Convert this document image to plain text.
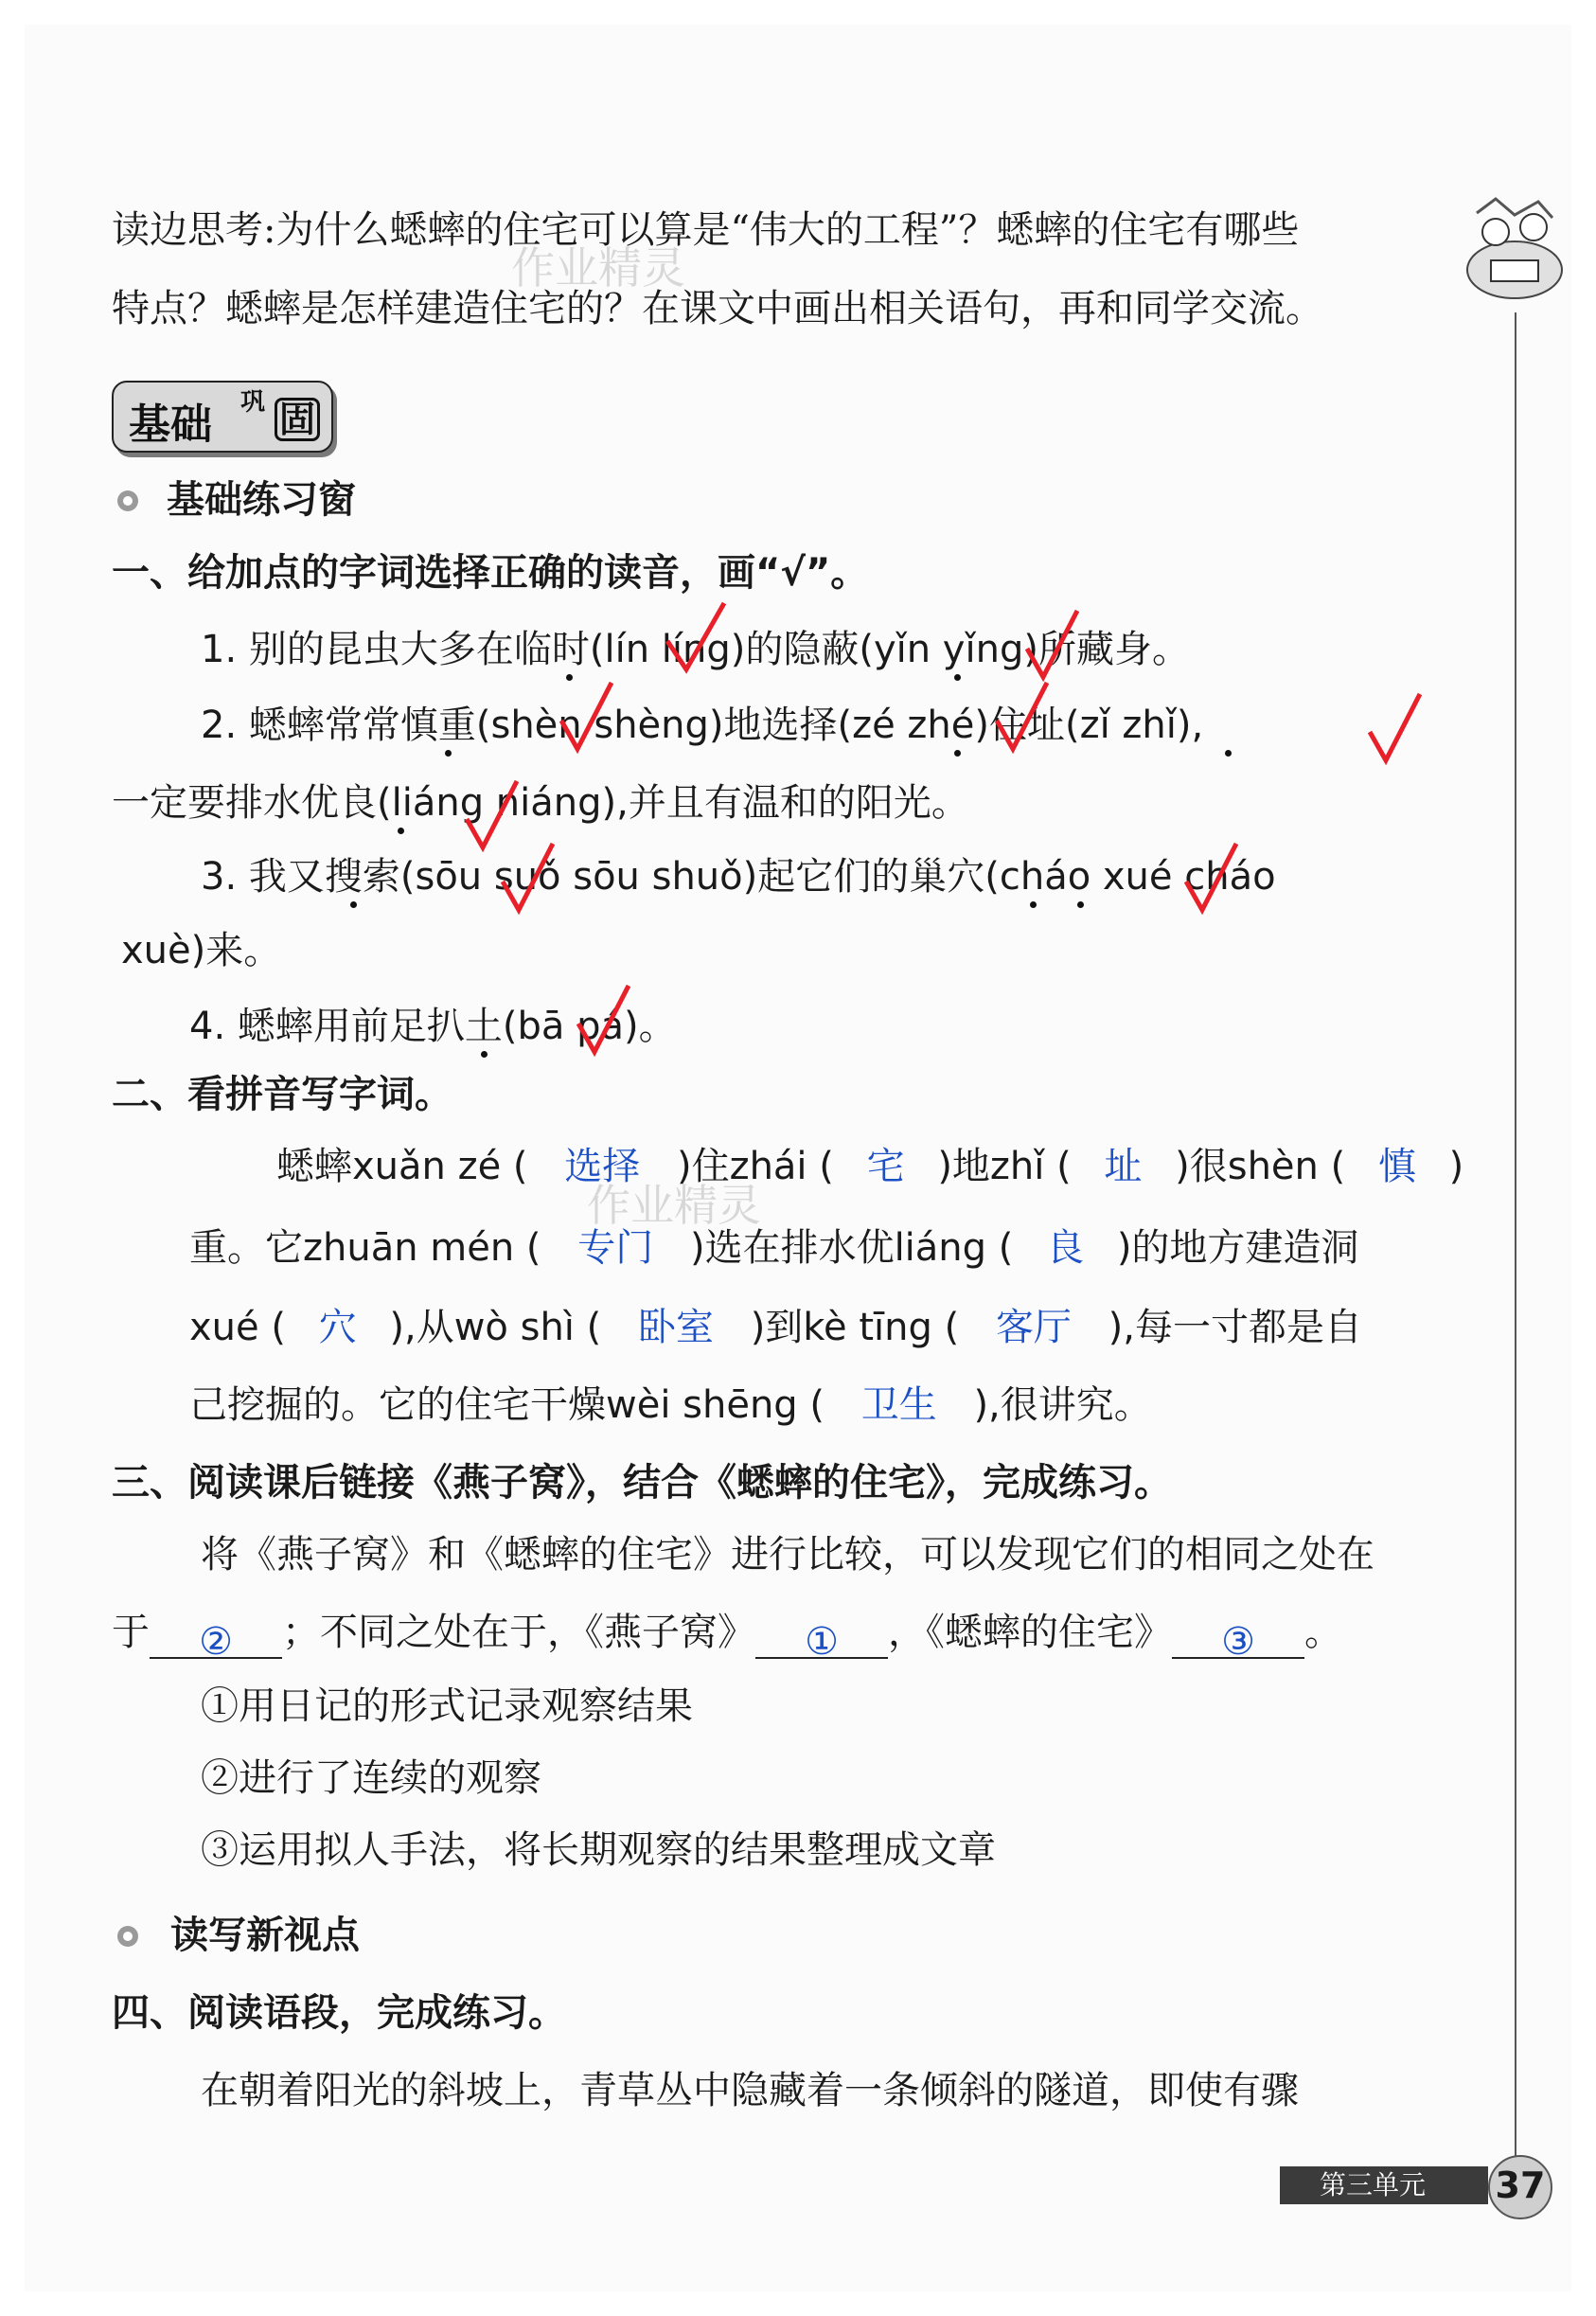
读边思考:为什么蟋蟀的住宅可以算是“伟大的工程”？蟋蟀的住宅有哪些
特点？蟋蟀是怎样建造住宅的？在课文中画出相关语句，再和同学交流。
作业精灵
作业精灵
基础 巩 固
基础练习窗
一、给加点的字词选择正确的读音，画“√”。
1. 别的昆虫大多在临时(lín líng)的隐蔽(yǐn yǐng)所藏身。
2. 蟋蟀常常慎重(shèn shèng)地选择(zé zhé)住址(zǐ zhǐ),
一定要排水优良(liáng niáng),并且有温和的阳光。
3. 我又搜索(sōu suǒ sōu shuǒ)起它们的巢穴(cháo xué cháo
xuè)来。
4. 蟋蟀用前足扒土(bā pá)。
二、看拼音写字词。
蟋蟀xuǎn zé ( 选择 )住zhái ( 宅 )地zhǐ ( 址 )很shèn ( 慎 )
重。它zhuān mén ( 专门 )选在排水优liáng ( 良 )的地方建造洞
xué ( 穴 ),从wò shì ( 卧室 )到kè tīng ( 客厅 ),每一寸都是自
己挖掘的。它的住宅干燥wèi shēng ( 卫生 ),很讲究。
三、阅读课后链接《燕子窝》，结合《蟋蟀的住宅》，完成练习。
将《燕子窝》和《蟋蟀的住宅》进行比较，可以发现它们的相同之处在
于 ② ；不同之处在于，《燕子窝》 ① ，《蟋蟀的住宅》 ③ 。
①用日记的形式记录观察结果
②进行了连续的观察
③运用拟人手法，将长期观察的结果整理成文章
读写新视点
四、阅读语段，完成练习。
在朝着阳光的斜坡上，青草丛中隐藏着一条倾斜的隧道，即使有骤
第三单元 37
